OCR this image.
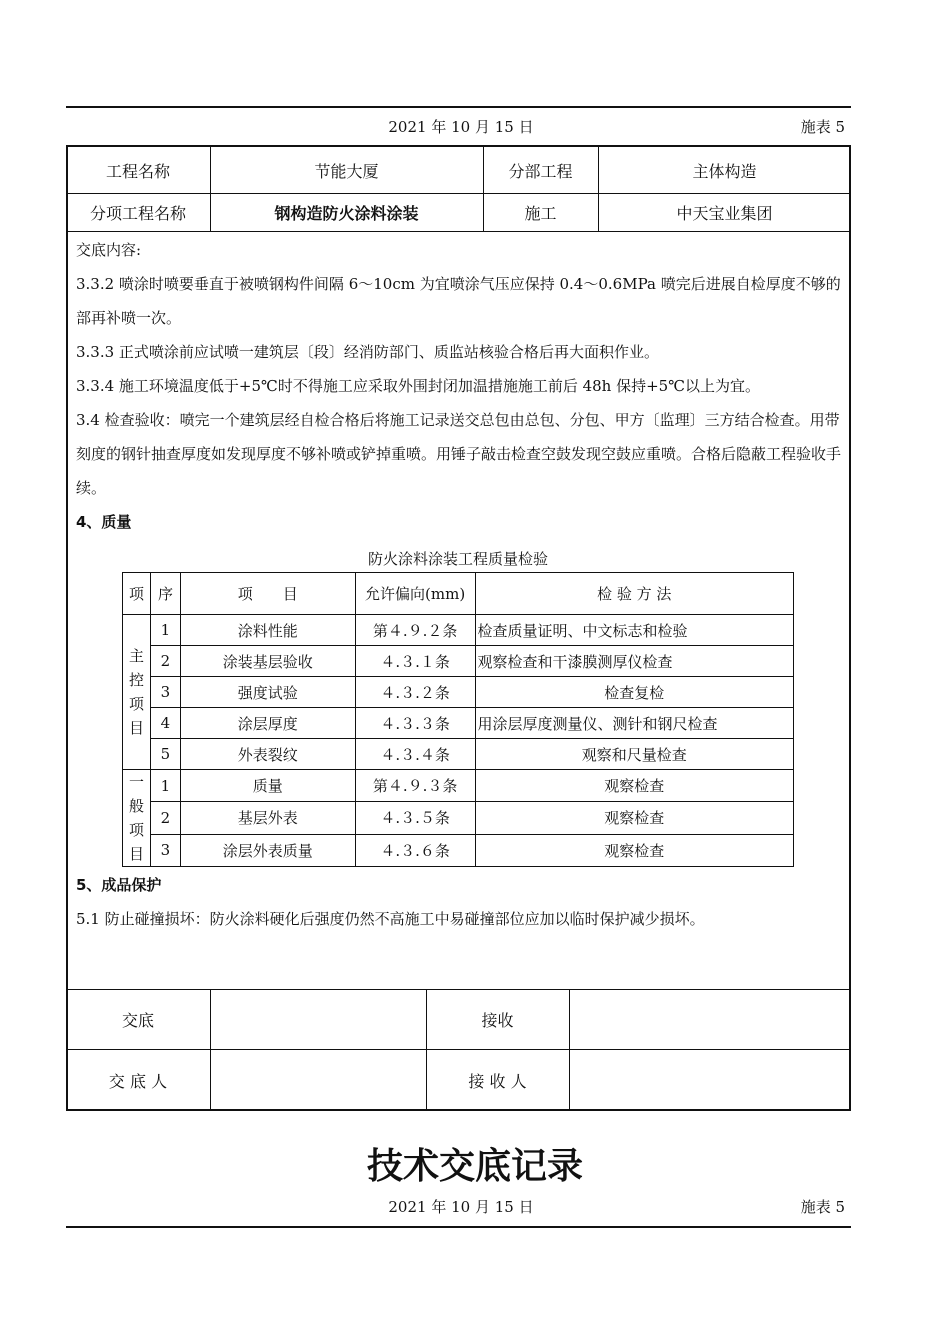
2021 年 10 月 15 日	施表 5
工程名称	节能大厦	分部工程	主体构造
分项工程名称	钢构造防火涂料涂装	施工	中天宝业集团

交底内容:

3.3.2 喷涂时喷要垂直于被喷钢构件间隔 6～10cm 为宜喷涂气压应保持 0.4～0.6MPa 喷完后进展自检厚度不够的部再补喷一次。

3.3.3 正式喷涂前应试喷一建筑层〔段〕经消防部门、质监站核验合格后再大面积作业。

3.3.4 施工环境温度低于+5℃时不得施工应采取外围封闭加温措施施工前后 48h 保持+5℃以上为宜。

3.4 检查验收：喷完一个建筑层经自检合格后将施工记录送交总包由总包、分包、甲方〔监理〕三方结合检查。用带刻度的钢针抽查厚度如发现厚度不够补喷或铲掉重喷。用锤子敲击检查空鼓发现空鼓应重喷。合格后隐蔽工程验收手续。

4、质量

防火涂料涂装工程质量检验
项	序	项　　目	允许偏向(mm)	检 验 方 法

主
控
项
目	1	涂料性能	第４.９.２条	检查质量证明、中文标志和检验
	2	涂装基层验收	４.３.１条	观察检查和干漆膜测厚仪检查
	3	强度试验	４.３.２条	检查复检
	4	涂层厚度	４.３.３条	用涂层厚度测量仪、测针和钢尺检查
	5	外表裂纹	４.３.４条	观察和尺量检查

一
般
项
目	1	质量	第４.９.３条	观察检查
	2	基层外表	４.３.５条	观察检查
	3	涂层外表质量	４.３.６条	观察检查

5、成品保护

5.1 防止碰撞损坏：防火涂料硬化后强度仍然不高施工中易碰撞部位应加以临时保护减少损坏。

交底	接收
交 底 人	接 收 人
技术交底记录
2021 年 10 月 15 日	施表 5
